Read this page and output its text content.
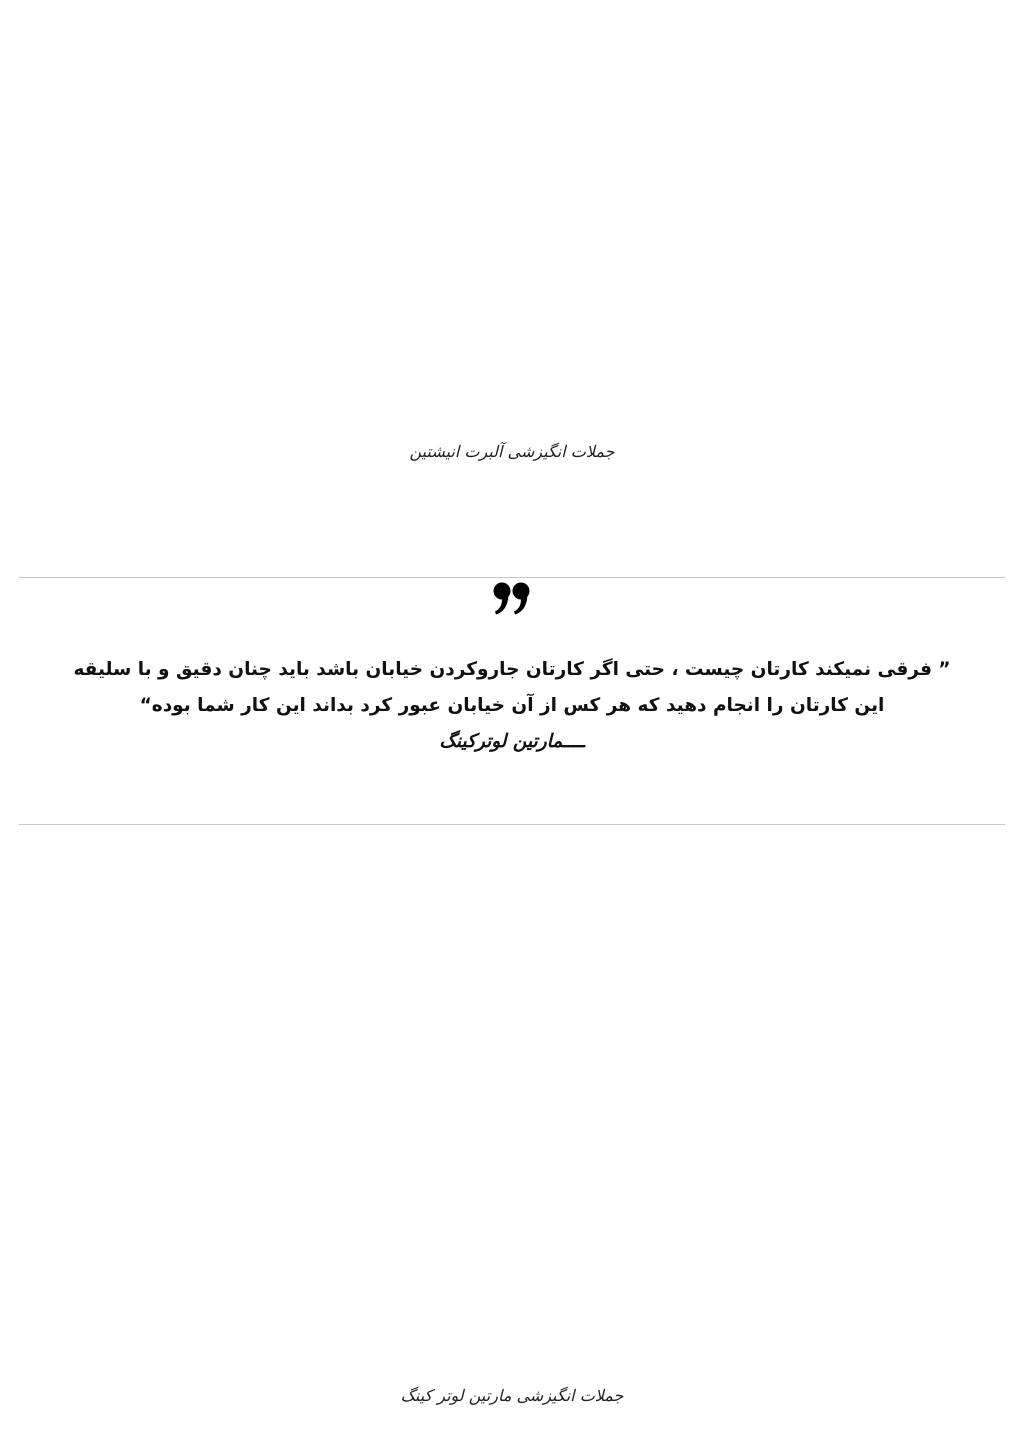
جملات انگیزشی آلبرت انیشتین
” فرقی نمیکند کارتان چیست ، حتی اگر کارتان جاروکردن خیابان باشد باید چنان دقیق و با سلیقه این کارتان را انجام دهید که هر کس از آن خیابان عبور کرد بداند این کار شما بوده“
ــــمارتین لوترکینگ
جملات انگیزشی مارتین لوتر کینگ
